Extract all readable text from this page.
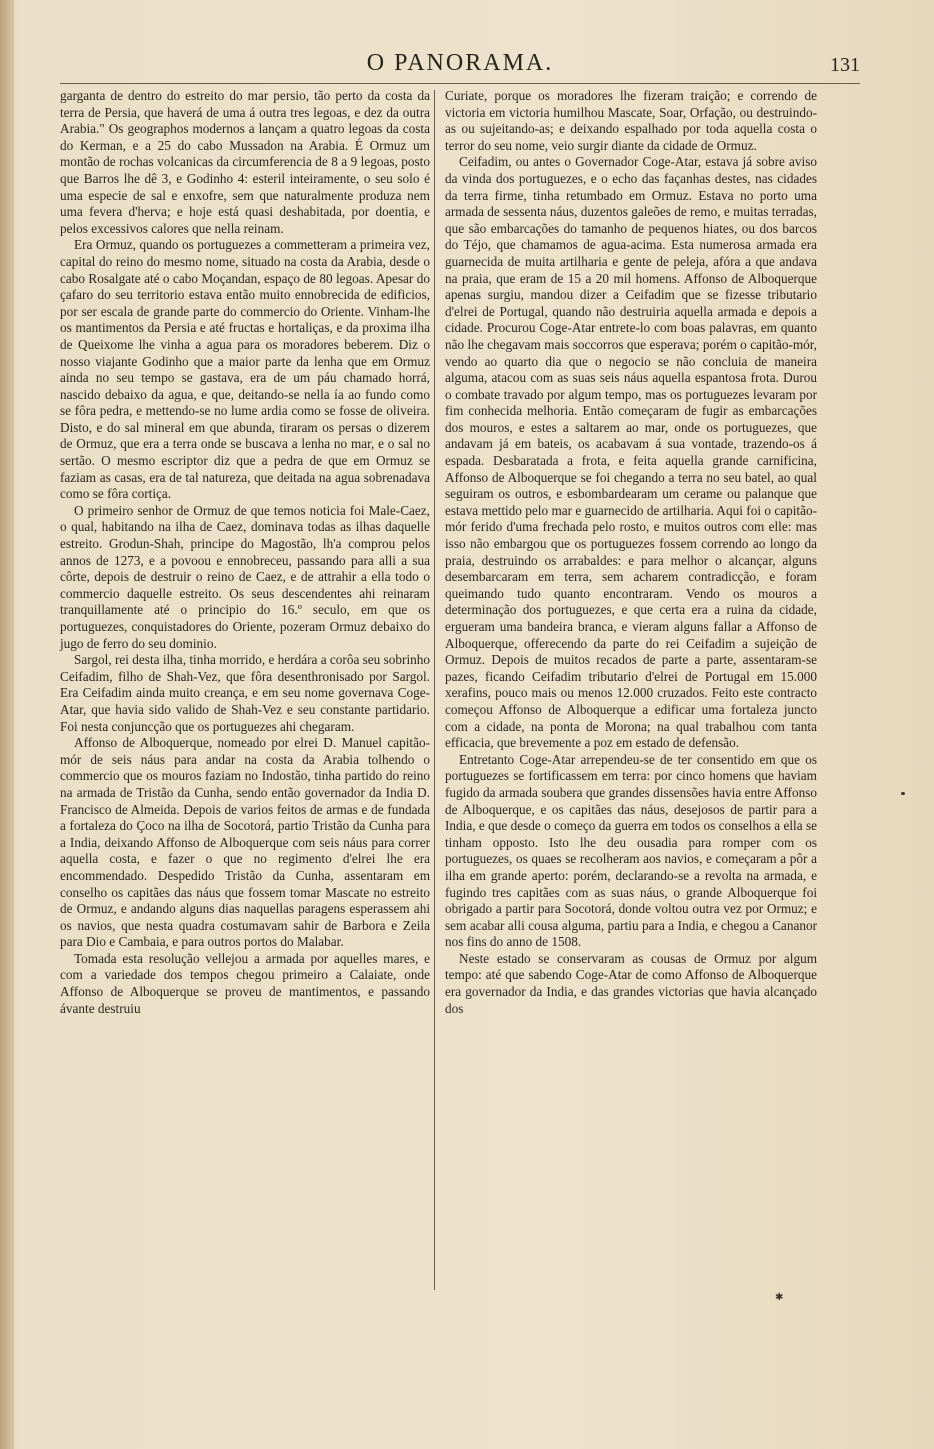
O PANORAMA.	131

garganta de dentro do estreito do mar persio, tão perto da costa da terra de Persia, que haverá de uma á outra tres legoas, e dez da outra Arabia." Os geographos modernos a lançam a quatro legoas da costa do Kerman, e a 25 do cabo Mussadon na Arabia. É Ormuz um montão de rochas volcanicas da circumferencia de 8 a 9 legoas, posto que Barros lhe dê 3, e Godinho 4: esteril inteiramente, o seu solo é uma especie de sal e enxofre, sem que naturalmente produza nem uma fevera d'herva; e hoje está quasi deshabitada, por doentia, e pelos excessivos calores que nella reinam.

Era Ormuz, quando os portuguezes a commetteram a primeira vez, capital do reino do mesmo nome, situado na costa da Arabia, desde o cabo Rosalgate até o cabo Moçandan, espaço de 80 legoas. Apesar do çafaro do seu territorio estava então muito ennobrecida de edificios, por ser escala de grande parte do commercio do Oriente. Vinham-lhe os mantimentos da Persia e até fructas e hortaliças, e da proxima ilha de Queixome lhe vinha a agua para os moradores beberem. Diz o nosso viajante Godinho que a maior parte da lenha que em Ormuz ainda no seu tempo se gastava, era de um páu chamado horrá, nascido debaixo da agua, e que, deitando-se nella ía ao fundo como se fôra pedra, e mettendo-se no lume ardia como se fosse de oliveira. Disto, e do sal mineral em que abunda, tiraram os persas o dizerem de Ormuz, que era a terra onde se buscava a lenha no mar, e o sal no sertão. O mesmo escriptor diz que a pedra de que em Ormuz se faziam as casas, era de tal natureza, que deitada na agua sobrenadava como se fôra cortiça.

O primeiro senhor de Ormuz de que temos noticia foi Male-Caez, o qual, habitando na ilha de Caez, dominava todas as ilhas daquelle estreito. Grodun-Shah, principe do Magostão, lh'a comprou pelos annos de 1273, e a povoou e ennobreceu, passando para alli a sua côrte, depois de destruir o reino de Caez, e de attrahir a ella todo o commercio daquelle estreito. Os seus descendentes ahi reinaram tranquillamente até o principio do 16.º seculo, em que os portuguezes, conquistadores do Oriente, pozeram Ormuz debaixo do jugo de ferro do seu dominio.

Sargol, rei desta ilha, tinha morrido, e herdára a corôa seu sobrinho Ceifadim, filho de Shah-Vez, que fôra desenthronisado por Sargol. Era Ceifadim ainda muito creança, e em seu nome governava Coge-Atar, que havia sido valido de Shah-Vez e seu constante partidario. Foi nesta conjuncção que os portuguezes ahi chegaram.

Affonso de Alboquerque, nomeado por elrei D. Manuel capitão-mór de seis náus para andar na costa da Arabia tolhendo o commercio que os mouros faziam no Indostão, tinha partido do reino na armada de Tristão da Cunha, sendo então governador da India D. Francisco de Almeida. Depois de varios feitos de armas e de fundada a fortaleza do Çoco na ilha de Socotorá, partio Tristão da Cunha para a India, deixando Affonso de Alboquerque com seis náus para correr aquella costa, e fazer o que no regimento d'elrei lhe era encommendado. Despedido Tristão da Cunha, assentaram em conselho os capitães das náus que fossem tomar Mascate no estreito de Ormuz, e andando alguns dias naquellas paragens esperassem ahi os navios, que nesta quadra costumavam sahir de Barbora e Zeila para Dio e Cambaia, e para outros portos do Malabar.

Tomada esta resolução vellejou a armada por aquelles mares, e com a variedade dos tempos chegou primeiro a Calaiate, onde Affonso de Alboquerque se proveu de mantimentos, e passando ávante destruiu

Curiate, porque os moradores lhe fizeram traição; e correndo de victoria em victoria humilhou Mascate, Soar, Orfação, ou destruindo-as ou sujeitando-as; e deixando espalhado por toda aquella costa o terror do seu nome, veio surgir diante da cidade de Ormuz.

Ceifadim, ou antes o Governador Coge-Atar, estava já sobre aviso da vinda dos portuguezes, e o echo das façanhas destes, nas cidades da terra firme, tinha retumbado em Ormuz. Estava no porto uma armada de sessenta náus, duzentos galeões de remo, e muitas terradas, que são embarcações do tamanho de pequenos hiates, ou dos barcos do Téjo, que chamamos de agua-acima. Esta numerosa armada era guarnecida de muita artilharia e gente de peleja, afóra a que andava na praia, que eram de 15 a 20 mil homens. Affonso de Alboquerque apenas surgiu, mandou dizer a Ceifadim que se fizesse tributario d'elrei de Portugal, quando não destruiria aquella armada e depois a cidade. Procurou Coge-Atar entrete-lo com boas palavras, em quanto não lhe chegavam mais soccorros que esperava; porém o capitão-mór, vendo ao quarto dia que o negocio se não concluia de maneira alguma, atacou com as suas seis náus aquella espantosa frota. Durou o combate travado por algum tempo, mas os portuguezes levaram por fim conhecida melhoria. Então começaram de fugir as embarcações dos mouros, e estes a saltarem ao mar, onde os portuguezes, que andavam já em bateis, os acabavam á sua vontade, trazendo-os á espada. Desbaratada a frota, e feita aquella grande carnificina, Affonso de Alboquerque se foi chegando a terra no seu batel, ao qual seguiram os outros, e esbombardearam um cerame ou palanque que estava mettido pelo mar e guarnecido de artilharia. Aqui foi o capitão-mór ferido d'uma frechada pelo rosto, e muitos outros com elle: mas isso não embargou que os portuguezes fossem correndo ao longo da praia, destruindo os arrabaldes: e para melhor o alcançar, alguns desembarcaram em terra, sem acharem contradicção, e foram queimando tudo quanto encontraram. Vendo os mouros a determinação dos portuguezes, e que certa era a ruina da cidade, ergueram uma bandeira branca, e vieram alguns fallar a Affonso de Alboquerque, offerecendo da parte do rei Ceifadim a sujeição de Ormuz. Depois de muitos recados de parte a parte, assentaram-se pazes, ficando Ceifadim tributario d'elrei de Portugal em 15.000 xerafins, pouco mais ou menos 12.000 cruzados. Feito este contracto começou Affonso de Alboquerque a edificar uma fortaleza juncto com a cidade, na ponta de Morona; na qual trabalhou com tanta efficacia, que brevemente a poz em estado de defensão.

Entretanto Coge-Atar arrependeu-se de ter consentido em que os portuguezes se fortificassem em terra: por cinco homens que haviam fugido da armada soubera que grandes dissensões havia entre Affonso de Alboquerque, e os capitães das náus, desejosos de partir para a India, e que desde o começo da guerra em todos os conselhos a ella se tinham opposto. Isto lhe deu ousadia para romper com os portuguezes, os quaes se recolheram aos navios, e começaram a pôr a ilha em grande aperto: porém, declarando-se a revolta na armada, e fugindo tres capitães com as suas náus, o grande Alboquerque foi obrigado a partir para Socotorá, donde voltou outra vez por Ormuz; e sem acabar alli cousa alguma, partiu para a India, e chegou a Cananor nos fins do anno de 1508.

Neste estado se conservaram as cousas de Ormuz por algum tempo: até que sabendo Coge-Atar de como Affonso de Alboquerque era governador da India, e das grandes victorias que havia alcançado dos

✱
